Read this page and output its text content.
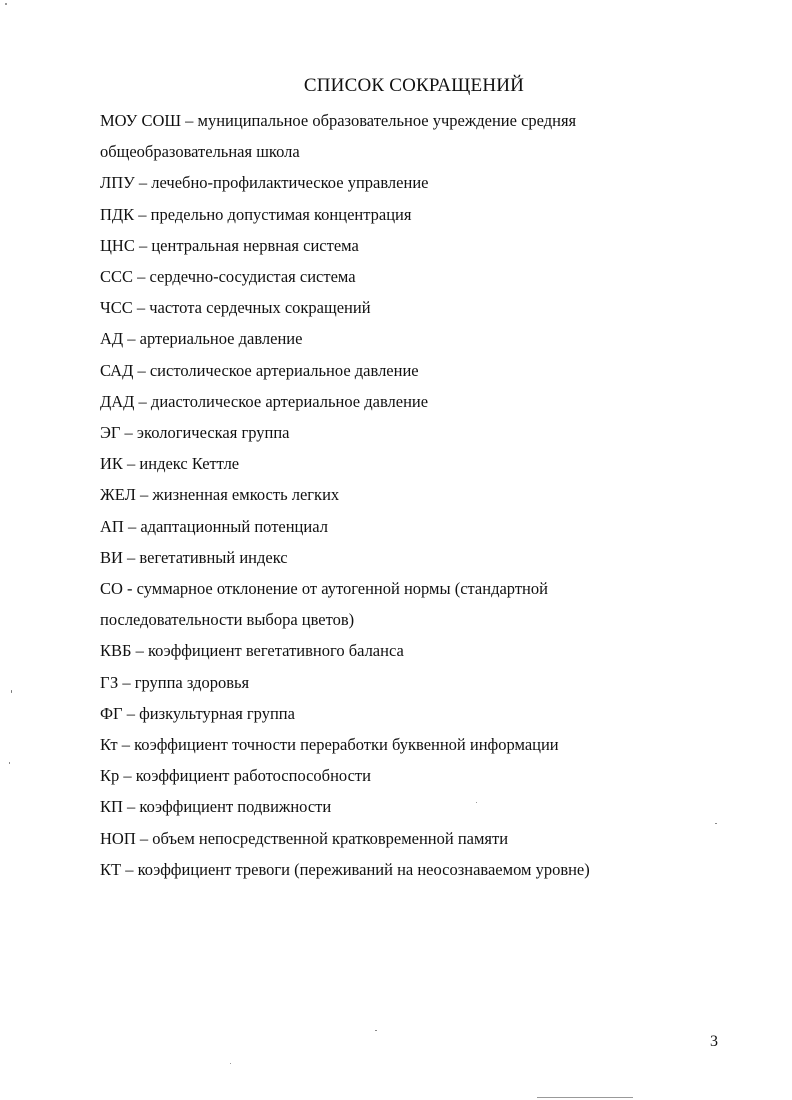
СПИСОК СОКРАЩЕНИЙ
МОУ СОШ – муниципальное образовательное учреждение средняя
общеобразовательная школа
ЛПУ – лечебно-профилактическое управление
ПДК – предельно допустимая концентрация
ЦНС – центральная нервная система
ССС – сердечно-сосудистая система
ЧСС – частота сердечных сокращений
АД – артериальное давление
САД – систолическое артериальное давление
ДАД – диастолическое артериальное давление
ЭГ – экологическая группа
ИК – индекс Кеттле
ЖЕЛ – жизненная емкость легких
АП – адаптационный потенциал
ВИ – вегетативный индекс
СО - суммарное отклонение от аутогенной нормы (стандартной
последовательности выбора цветов)
КВБ – коэффициент вегетативного баланса
ГЗ – группа здоровья
ФГ – физкультурная группа
Кт – коэффициент точности переработки буквенной информации
Кр – коэффициент работоспособности
КП – коэффициент подвижности
НОП – объем непосредственной кратковременной памяти
КТ – коэффициент тревоги (переживаний на неосознаваемом уровне)
3
